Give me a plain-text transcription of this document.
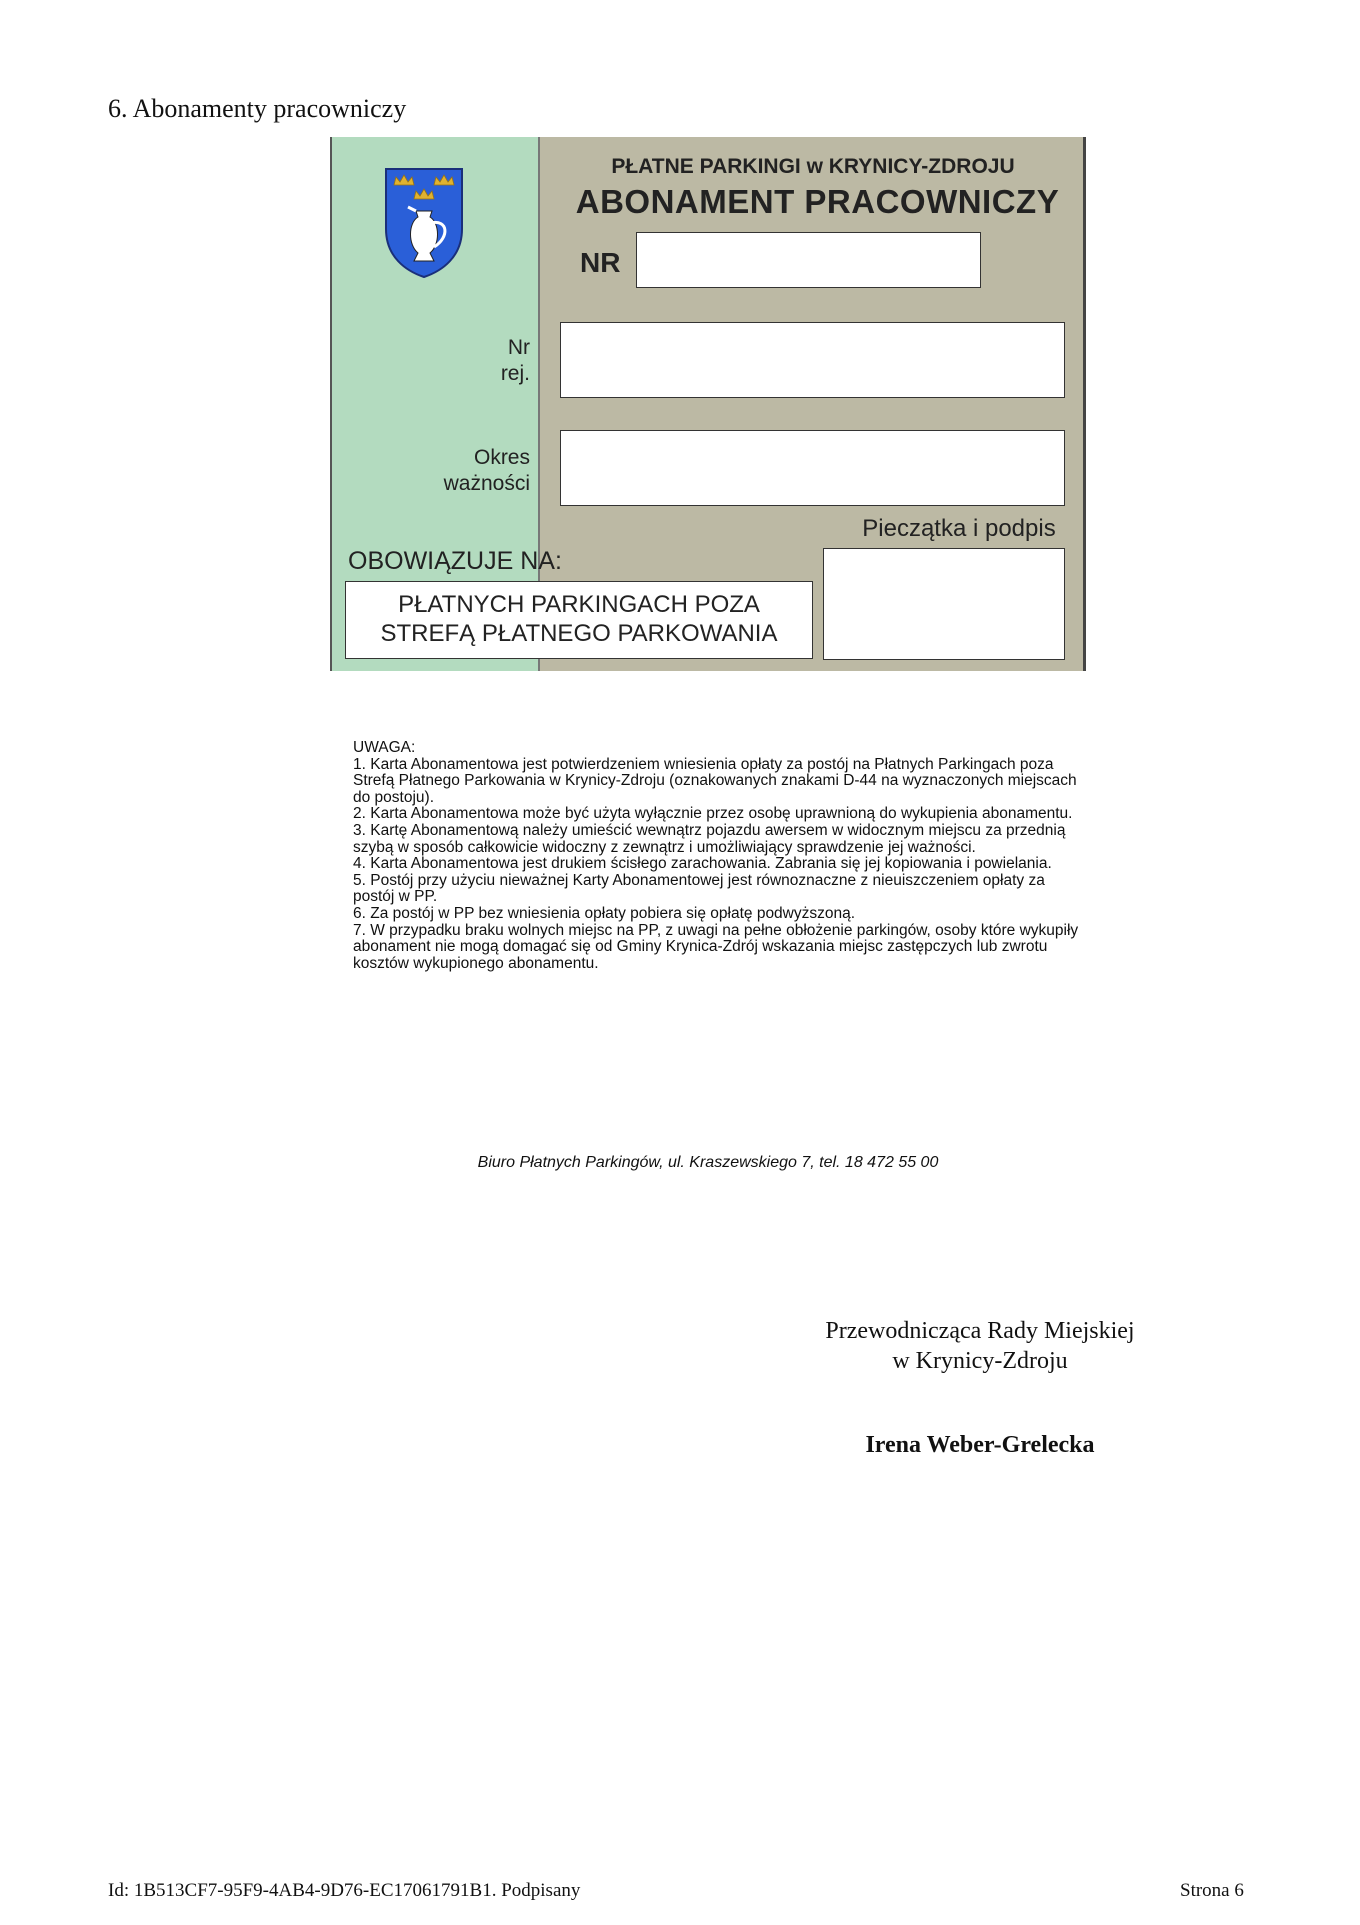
6. Abonamenty pracowniczy
PŁATNE PARKINGI w KRYNICY-ZDROJU
ABONAMENT PRACOWNICZY
NR
Nr
rej.
Okres
ważności
Pieczątka i podpis
OBOWIĄZUJE NA:
PŁATNYCH PARKINGACH POZA
STREFĄ PŁATNEGO PARKOWANIA

UWAGA:

1. Karta Abonamentowa jest potwierdzeniem wniesienia opłaty za postój na Płatnych Parkingach poza Strefą Płatnego Parkowania w Krynicy-Zdroju (oznakowanych znakami D-44 na wyznaczonych miejscach do postoju).

2. Karta Abonamentowa może być użyta wyłącznie przez osobę uprawnioną do wykupienia abonamentu.

3. Kartę Abonamentową należy umieścić wewnątrz pojazdu awersem w widocznym miejscu za przednią szybą w sposób całkowicie widoczny z zewnątrz i umożliwiający sprawdzenie jej ważności.

4. Karta Abonamentowa jest drukiem ścisłego zarachowania. Zabrania się jej kopiowania i powielania.

5. Postój przy użyciu nieważnej Karty Abonamentowej jest równoznaczne z nieuiszczeniem opłaty za postój w PP.

6. Za postój w PP bez wniesienia opłaty pobiera się opłatę podwyższoną.

7. W przypadku braku wolnych miejsc na PP, z uwagi na pełne obłożenie parkingów, osoby które wykupiły abonament nie mogą domagać się od Gminy Krynica-Zdrój wskazania miejsc zastępczych lub zwrotu kosztów wykupionego abonamentu.

Biuro Płatnych Parkingów, ul. Kraszewskiego 7, tel. 18 472 55 00
Przewodnicząca Rady Miejskiej
w Krynicy-Zdroju
Irena Weber-Grelecka
Id: 1B513CF7-95F9-4AB4-9D76-EC17061791B1. Podpisany	Strona 6
